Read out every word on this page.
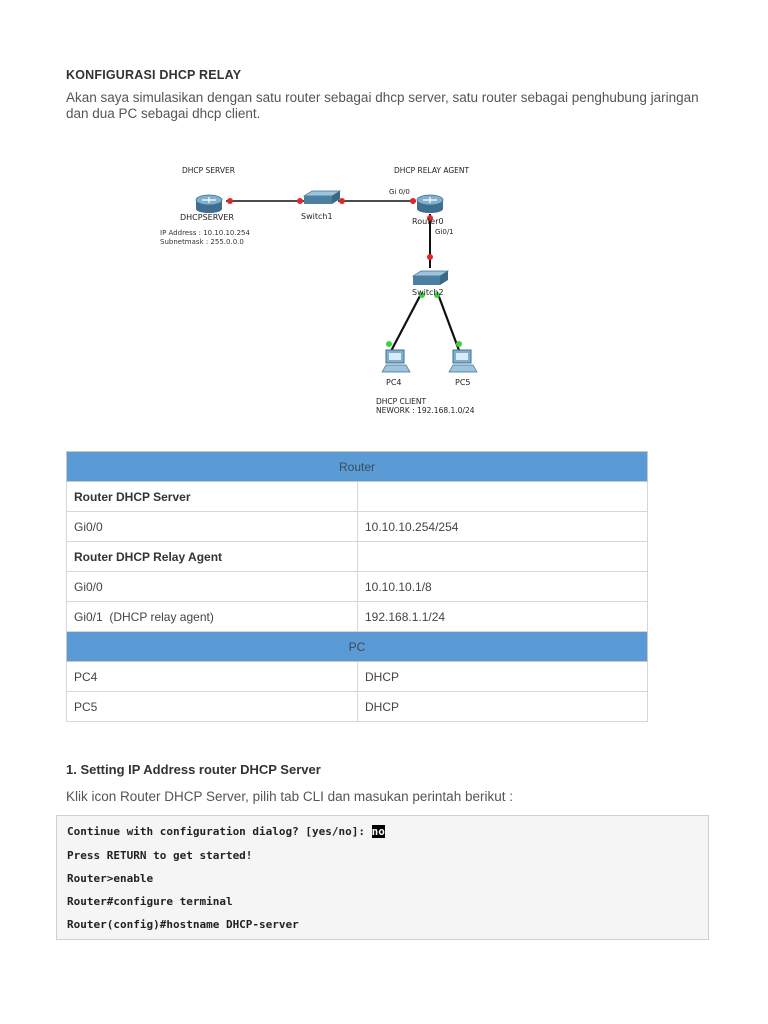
KONFIGURASI DHCP RELAY
Akan saya simulasikan dengan satu router sebagai dhcp server, satu router sebagai penghubung jaringan dan dua PC sebagai dhcp client.
DHCP SERVER	DHCP RELAY AGENT
DHCPSERVER
IP Address : 10.10.10.254
Subnetmask : 255.0.0.0
Switch1
Gi 0/0
Router0
Gi0/1
Switch2
PC4	PC5
DHCP CLIENT
NEWORK : 192.168.1.0/24
Router	
Router DHCP Server	
Gi0/0	10.10.10.254/254
Router DHCP Relay Agent	
Gi0/0	10.10.10.1/8
Gi0/1  (DHCP relay agent)	192.168.1.1/24
PC	
PC4	DHCP
PC5	DHCP
1. Setting IP Address router DHCP Server
Klik icon Router DHCP Server, pilih tab CLI dan masukan perintah berikut :
Continue with configuration dialog? [yes/no]: no
Press RETURN to get started!
Router>enable
Router#configure terminal
Router(config)#hostname DHCP-server
